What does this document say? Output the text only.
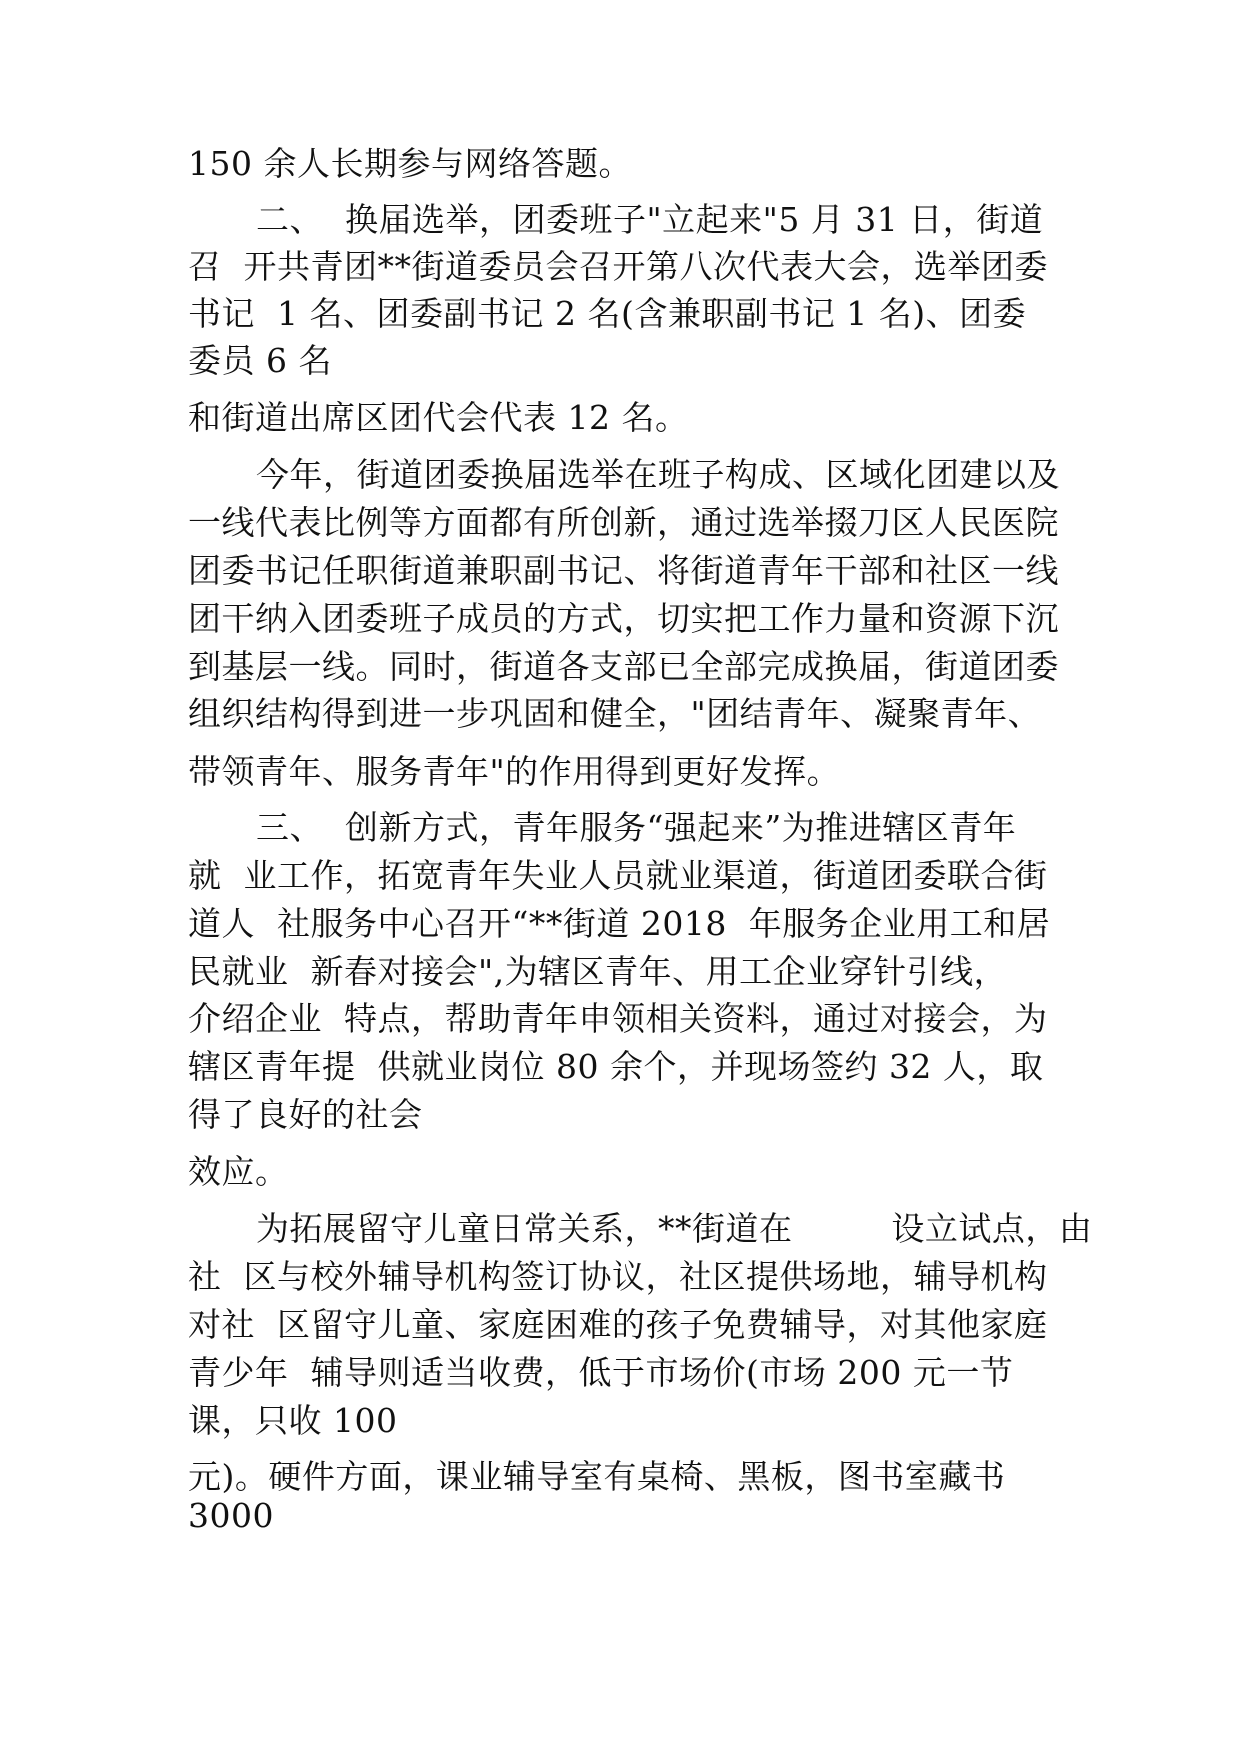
150 余人长期参与网络答题。

二、  换届选举，团委班子"立起来"5 月 31 日，街道

召  开共青团**街道委员会召开第八次代表大会，选举团委

书记  1 名、团委副书记 2 名(含兼职副书记 1 名)、团委

委员 6 名

和街道出席区团代会代表 12 名。

今年，街道团委换届选举在班子构成、区域化团建以及

一线代表比例等方面都有所创新，通过选举掇刀区人民医院

团委书记任职街道兼职副书记、将街道青年干部和社区一线

团干纳入团委班子成员的方式，切实把工作力量和资源下沉

到基层一线。同时，街道各支部已全部完成换届，街道团委

组织结构得到进一步巩固和健全，"团结青年、凝聚青年、

带领青年、服务青年"的作用得到更好发挥。

三、  创新方式，青年服务“强起来”为推进辖区青年

就  业工作，拓宽青年失业人员就业渠道，街道团委联合街

道人  社服务中心召开“**街道 2018  年服务企业用工和居

民就业  新春对接会",为辖区青年、用工企业穿针引线，

介绍企业  特点，帮助青年申领相关资料，通过对接会，为

辖区青年提  供就业岗位 80 余个，并现场签约 32 人，取

得了良好的社会

效应。

为拓展留守儿童日常关系，**街道在         设立试点，由

社  区与校外辅导机构签订协议，社区提供场地，辅导机构

对社  区留守儿童、家庭困难的孩子免费辅导，对其他家庭

青少年  辅导则适当收费，低于市场价(市场 200 元一节

课，只收 100

元)。硬件方面，课业辅导室有桌椅、黑板，图书室藏书

3000
